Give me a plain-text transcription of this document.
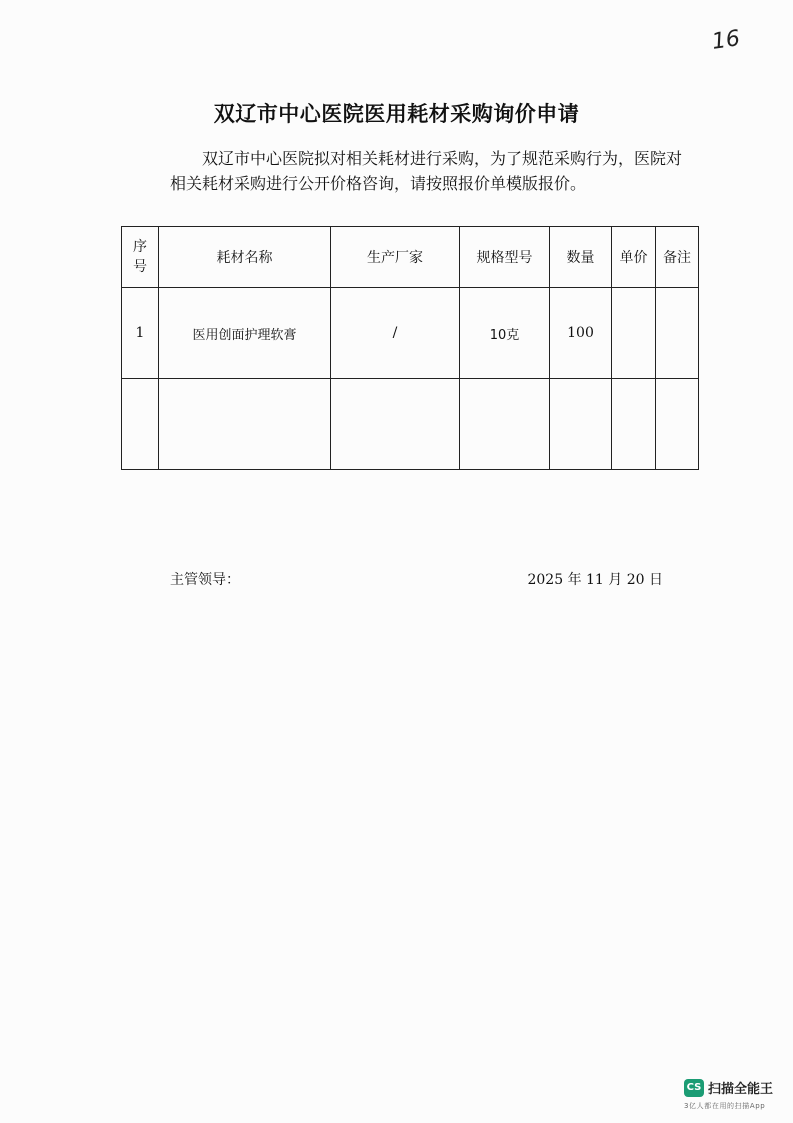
16
双辽市中心医院医用耗材采购询价申请
双辽市中心医院拟对相关耗材进行采购，为了规范采购行为，医院对相关耗材采购进行公开价格咨询，请按照报价单模版报价。
序
号	耗材名称	生产厂家	规格型号	数量	单价	备注
1	医用创面护理软膏	/	10克	100		

主管领导：	2025 年 11 月 20 日
CS 扫描全能王
3亿人都在用的扫描App
